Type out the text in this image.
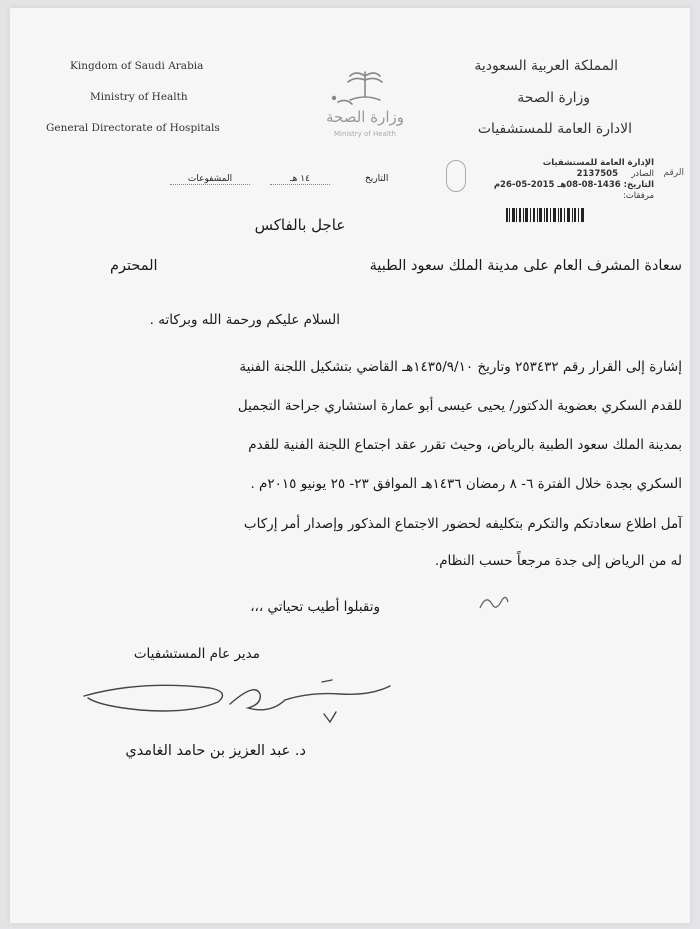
Kingdom of Saudi Arabia
Ministry of Health
General Directorate of Hospitals
وزارة الصحة
Ministry of Health
المملكة العربية السعودية
وزارة الصحة
الادارة العامة للمستشفيات
المشفوعات	١٤ هـ	التاريخ
الرقم
الإدارة العامة للمستشفيات
الصادر
2137505
التاريخ: 1436-08-08هـ 2015-05-26م
مرفقات:
عاجل بالفاكس
سعادة المشرف العام على مدينة الملك سعود الطبية
المحترم
السلام عليكم ورحمة الله وبركاته .
إشارة إلى القرار رقم ٢٥٣٤٣٢ وتاريخ ١٤٣٥/٩/١٠هـ القاضي بتشكيل اللجنة الفنية
للقدم السكري بعضوية الدكتور/ يحيى عيسى أبو عمارة استشاري جراحة التجميل
بمدينة الملك سعود الطبية بالرياض، وحيث تقرر عقد اجتماع اللجنة الفنية للقدم
السكري بجدة خلال الفترة ٦- ٨ رمضان ١٤٣٦هـ الموافق ٢٣- ٢٥ يونيو ٢٠١٥م .
آمل اطلاع سعادتكم والتكرم بتكليفه لحضور الاجتماع المذكور وإصدار أمر إركاب
له من الرياض إلى جدة مرجعاً حسب النظام.
وتقبلوا أطيب تحياتي ،،،
مدير عام المستشفيات
د. عبد العزيز بن حامد الغامدي
